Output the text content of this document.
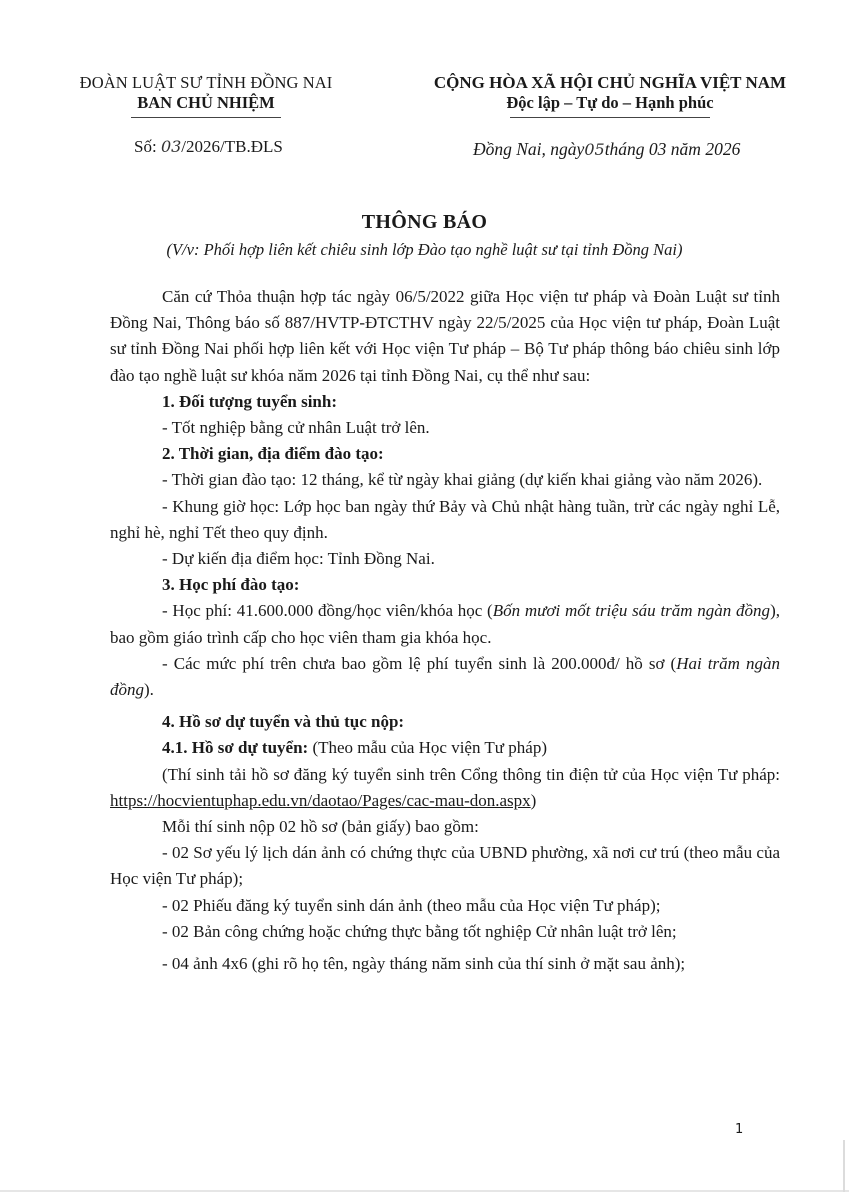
ĐOÀN LUẬT SƯ TỈNH ĐỒNG NAI
BAN CHỦ NHIỆM
CỘNG HÒA XÃ HỘI CHỦ NGHĨA VIỆT NAM
Độc lập – Tự do – Hạnh phúc
Số: 03/2026/TB.ĐLS	Đồng Nai, ngày05tháng 03 năm 2026
THÔNG BÁO
(V/v: Phối hợp liên kết chiêu sinh lớp Đào tạo nghề luật sư tại tỉnh Đồng Nai)

Căn cứ Thỏa thuận hợp tác ngày 06/5/2022 giữa Học viện tư pháp và Đoàn Luật sư tỉnh Đồng Nai, Thông báo số 887/HVTP-ĐTCTHV ngày 22/5/2025 của Học viện tư pháp, Đoàn Luật sư tỉnh Đồng Nai phối hợp liên kết với Học viện Tư pháp – Bộ Tư pháp thông báo chiêu sinh lớp đào tạo nghề luật sư khóa năm 2026 tại tỉnh Đồng Nai, cụ thể như sau:

1. Đối tượng tuyển sinh:

- Tốt nghiệp bằng cử nhân Luật trở lên.

2. Thời gian, địa điểm đào tạo:

- Thời gian đào tạo: 12 tháng, kể từ ngày khai giảng (dự kiến khai giảng vào năm 2026).

- Khung giờ học: Lớp học ban ngày thứ Bảy và Chủ nhật hàng tuần, trừ các ngày nghỉ Lễ, nghỉ hè, nghỉ Tết theo quy định.

- Dự kiến địa điểm học: Tỉnh Đồng Nai.

3. Học phí đào tạo:

- Học phí: 41.600.000 đồng/học viên/khóa học (Bốn mươi mốt triệu sáu trăm ngàn đồng), bao gồm giáo trình cấp cho học viên tham gia khóa học.

- Các mức phí trên chưa bao gồm lệ phí tuyển sinh là 200.000đ/ hồ sơ (Hai trăm ngàn đồng).

4. Hồ sơ dự tuyển và thủ tục nộp:

4.1. Hồ sơ dự tuyển: (Theo mẫu của Học viện Tư pháp)

(Thí sinh tải hồ sơ đăng ký tuyển sinh trên Cổng thông tin điện tử của Học viện Tư pháp: https://hocvientuphap.edu.vn/daotao/Pages/cac-mau-don.aspx)

Mỗi thí sinh nộp 02 hồ sơ (bản giấy) bao gồm:

- 02 Sơ yếu lý lịch dán ảnh có chứng thực của UBND phường, xã nơi cư trú (theo mẫu của Học viện Tư pháp);

- 02 Phiếu đăng ký tuyển sinh dán ảnh (theo mẫu của Học viện Tư pháp);

- 02 Bản công chứng hoặc chứng thực bằng tốt nghiệp Cử nhân luật trở lên;

- 04 ảnh 4x6 (ghi rõ họ tên, ngày tháng năm sinh của thí sinh ở mặt sau ảnh);

1
